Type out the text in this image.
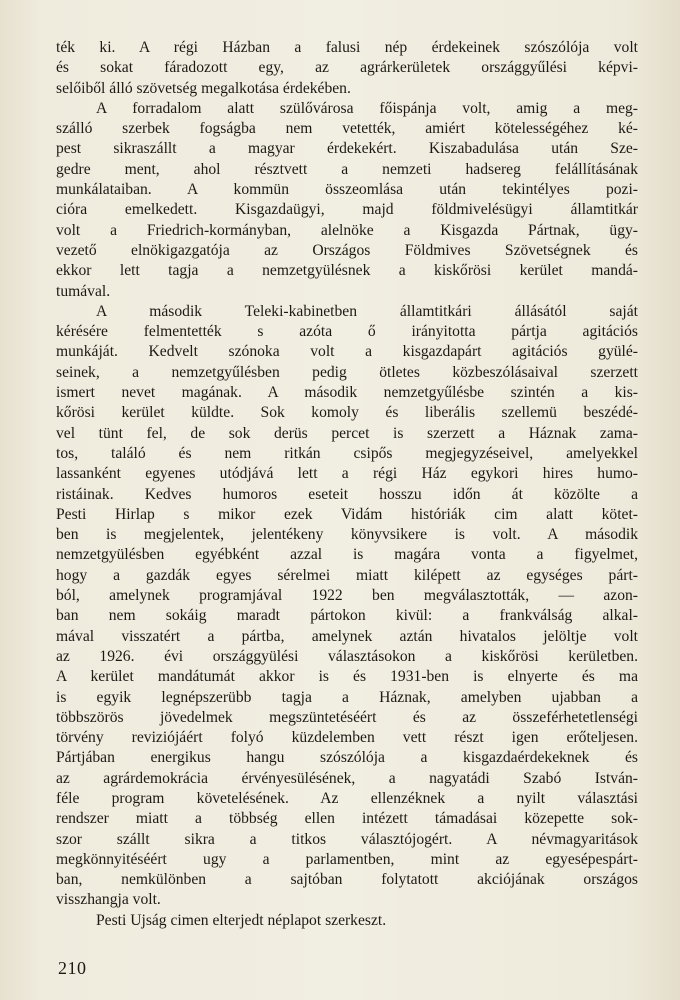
ték ki. A régi Házban a falusi nép érdekeinek szószólója volt
és sokat fáradozott egy, az agrárkerületek országgyűlési képvi-
selőiből álló szövetség megalkotása érdekében.
A forradalom alatt szülővárosa főispánja volt, amig a meg-
szálló szerbek fogságba nem vetették, amiért kötelességéhez ké-
pest sikraszállt a magyar érdekekért. Kiszabadulása után Sze-
gedre ment, ahol résztvett a nemzeti hadsereg felállításának
munkálataiban. A kommün összeomlása után tekintélyes pozi-
cióra emelkedett. Kisgazdaügyi, majd földmivelésügyi államtitkár
volt a Friedrich-kormányban, alelnöke a Kisgazda Pártnak, ügy-
vezető elnökigazgatója az Országos Földmives Szövetségnek és
ekkor lett tagja a nemzetgyülésnek a kiskőrösi kerület mandá-
tumával.
A második Teleki-kabinetben államtitkári állásától saját
kérésére felmentették s azóta ő irányitotta pártja agitációs
munkáját. Kedvelt szónoka volt a kisgazdapárt agitációs gyülé-
seinek, a nemzetgyűlésben pedig ötletes közbeszólásaival szerzett
ismert nevet magának. A második nemzetgyűlésbe szintén a kis-
kőrösi kerület küldte. Sok komoly és liberális szellemü beszédé-
vel tünt fel, de sok derüs percet is szerzett a Háznak zama-
tos, találó és nem ritkán csipős megjegyzéseivel, amelyekkel
lassanként egyenes utódjává lett a régi Ház egykori hires humo-
ristáinak. Kedves humoros eseteit hosszu időn át közölte a
Pesti Hirlap s mikor ezek Vidám históriák cim alatt kötet-
ben is megjelentek, jelentékeny könyvsikere is volt. A második
nemzetgyülésben egyébként azzal is magára vonta a figyelmet,
hogy a gazdák egyes sérelmei miatt kilépett az egységes párt-
ból, amelynek programjával 1922 ben megválasztották, — azon-
ban nem sokáig maradt pártokon kivül: a frankválság alkal-
mával visszatért a pártba, amelynek aztán hivatalos jelöltje volt
az 1926. évi országgyülési választásokon a kiskőrösi kerületben.
A kerület mandátumát akkor is és 1931-ben is elnyerte és ma
is egyik legnépszerübb tagja a Háznak, amelyben ujabban a
többszörös jövedelmek megszüntetéséért és az összeférhetetlenségi
törvény reviziójáért folyó küzdelemben vett részt igen erőteljesen.
Pártjában energikus hangu szószólója a kisgazdaérdekeknek és
az agrárdemokrácia érvényesülésének, a nagyatádi Szabó István-
féle program követelésének. Az ellenzéknek a nyilt választási
rendszer miatt a többség ellen intézett támadásai közepette sok-
szor szállt sikra a titkos választójogért. A névmagyaritások
megkönnyitéséért ugy a parlamentben, mint az egyesépespárt-
ban, nemkülönben a sajtóban folytatott akciójának országos
visszhangja volt.
Pesti Ujság cimen elterjedt néplapot szerkeszt.
210
